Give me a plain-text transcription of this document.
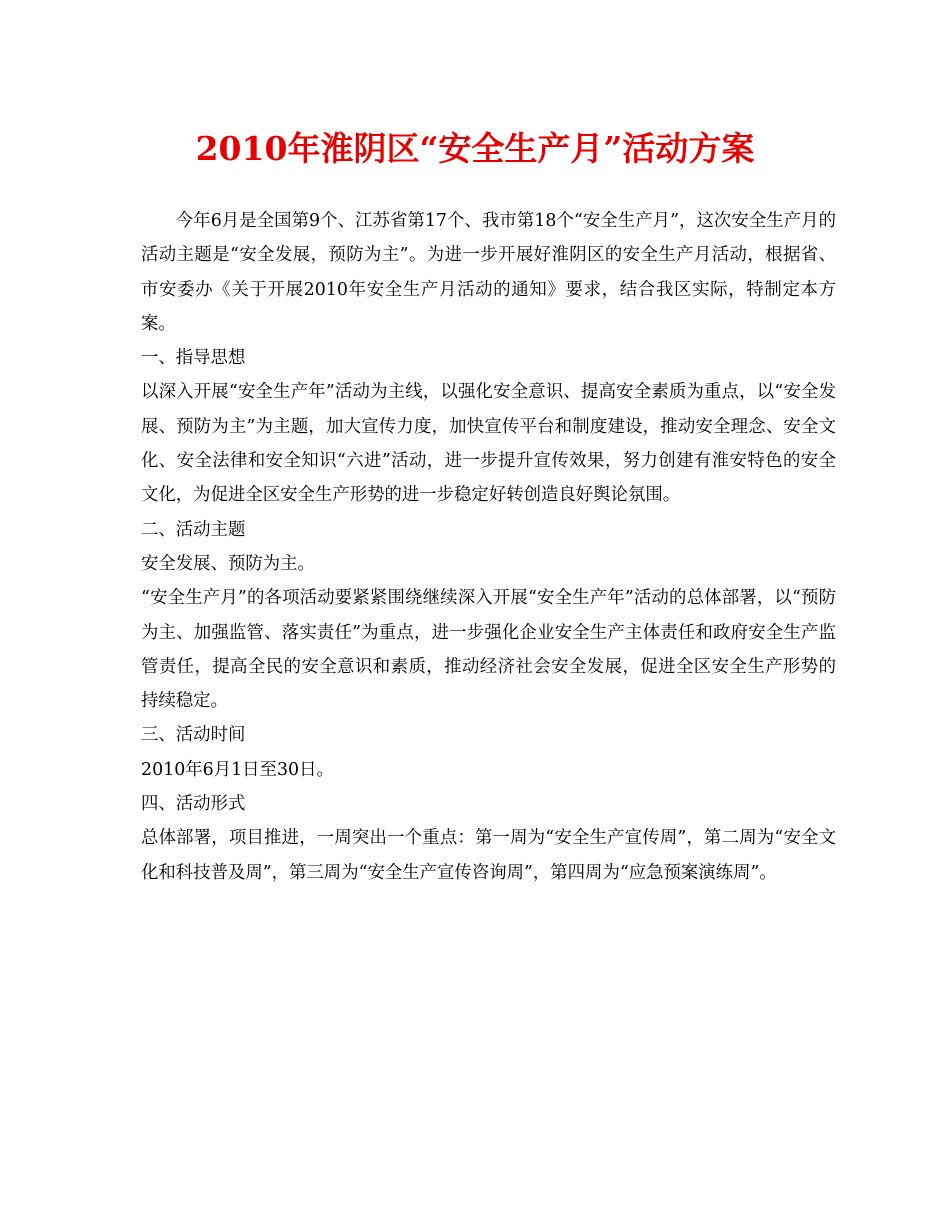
2010年淮阴区“安全生产月”活动方案

今年6月是全国第9个、江苏省第17个、我市第18个“安全生产月”，这次安全生产月的活动主题是“安全发展，预防为主”。为进一步开展好淮阴区的安全生产月活动，根据省、市安委办《关于开展2010年安全生产月活动的通知》要求，结合我区实际，特制定本方案。

一、指导思想

以深入开展“安全生产年”活动为主线，以强化安全意识、提高安全素质为重点，以“安全发展、预防为主”为主题，加大宣传力度，加快宣传平台和制度建设，推动安全理念、安全文化、安全法律和安全知识“六进”活动，进一步提升宣传效果，努力创建有淮安特色的安全文化，为促进全区安全生产形势的进一步稳定好转创造良好舆论氛围。

二、活动主题

安全发展、预防为主。

“安全生产月”的各项活动要紧紧围绕继续深入开展“安全生产年”活动的总体部署，以“预防为主、加强监管、落实责任”为重点，进一步强化企业安全生产主体责任和政府安全生产监管责任，提高全民的安全意识和素质，推动经济社会安全发展，促进全区安全生产形势的持续稳定。

三、活动时间

2010年6月1日至30日。

四、活动形式

总体部署，项目推进，一周突出一个重点：第一周为“安全生产宣传周”，第二周为“安全文化和科技普及周”，第三周为“安全生产宣传咨询周”，第四周为“应急预案演练周”。
